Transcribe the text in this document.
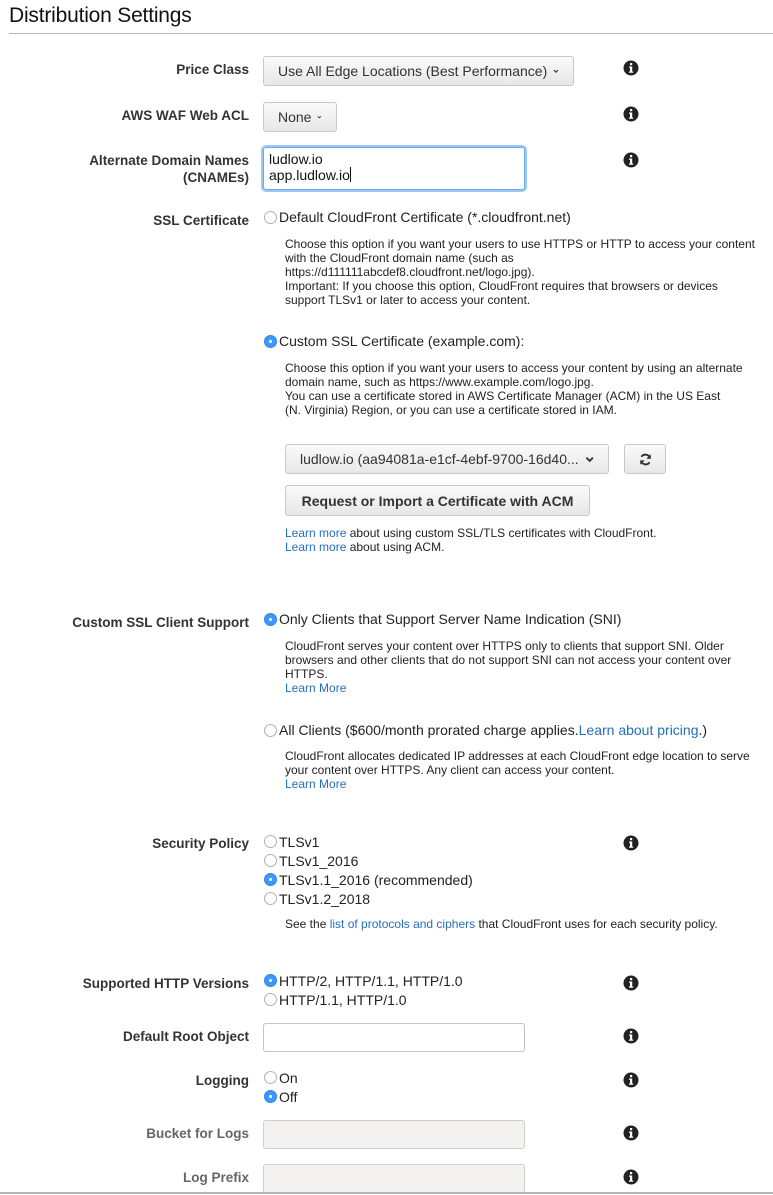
Distribution Settings
Price Class Use All Edge Locations (Best Performance)
AWS WAF Web ACL None
Alternate Domain Names
(CNAMEs)
ludlow.io
app.ludlow.io
SSL Certificate Default CloudFront Certificate (*.cloudfront.net)
Choose this option if you want your users to use HTTPS or HTTP to access your content
with the CloudFront domain name (such as
https://d111111abcdef8.cloudfront.net/logo.jpg).
Important: If you choose this option, CloudFront requires that browsers or devices
support TLSv1 or later to access your content.
Custom SSL Certificate (example.com):
Choose this option if you want your users to access your content by using an alternate
domain name, such as https://www.example.com/logo.jpg.
You can use a certificate stored in AWS Certificate Manager (ACM) in the US East
(N. Virginia) Region, or you can use a certificate stored in IAM.
ludlow.io (aa94081a-e1cf-4ebf-9700-16d40...
Request or Import a Certificate with ACM
Learn more about using custom SSL/TLS certificates with CloudFront.
Learn more about using ACM.
Custom SSL Client Support Only Clients that Support Server Name Indication (SNI)
CloudFront serves your content over HTTPS only to clients that support SNI. Older
browsers and other clients that do not support SNI can not access your content over
HTTPS.
Learn More
All Clients ($600/month prorated charge applies. Learn about pricing .)
CloudFront allocates dedicated IP addresses at each CloudFront edge location to serve
your content over HTTPS. Any client can access your content.
Learn More
Security Policy TLSv1
TLSv1_2016
TLSv1.1_2016 (recommended)
TLSv1.2_2018
See the list of protocols and ciphers that CloudFront uses for each security policy.
Supported HTTP Versions HTTP/2, HTTP/1.1, HTTP/1.0
HTTP/1.1, HTTP/1.0
Default Root Object
Logging On
Off
Bucket for Logs
Log Prefix
